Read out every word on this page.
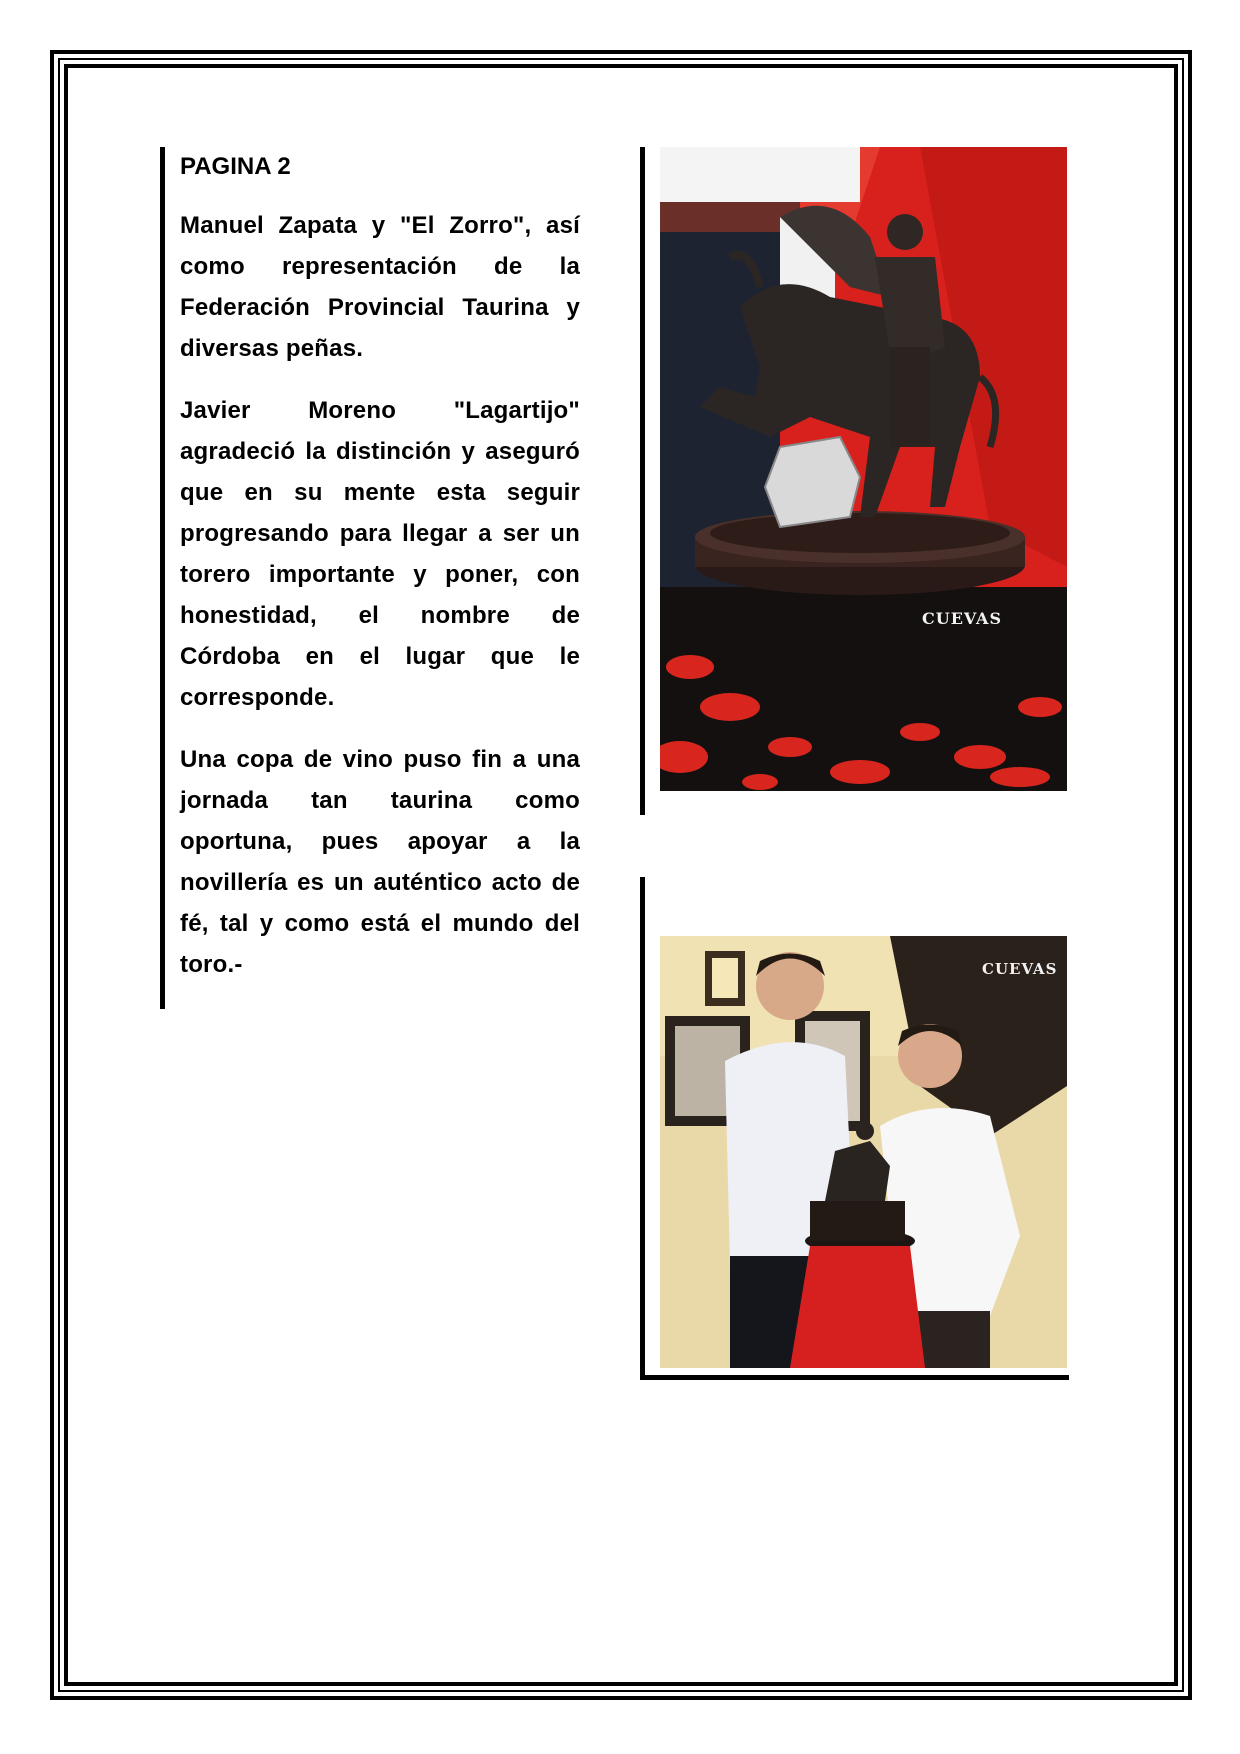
PAGINA 2

Manuel Zapata y "El Zorro", así como representación de la Federación Provincial Taurina y diversas peñas.

Javier Moreno "Lagartijo" agradeció la distinción y aseguró que en su mente esta seguir progresando para llegar a ser un torero importante y poner, con honestidad, el nombre de Córdoba en el lugar que le corresponde.

Una copa de vino puso fin a una jornada tan taurina como oportuna, pues apoyar a la novillería es un auténtico acto de fé, tal y como está el mundo del toro.-

CUEVAS
CUEVAS
